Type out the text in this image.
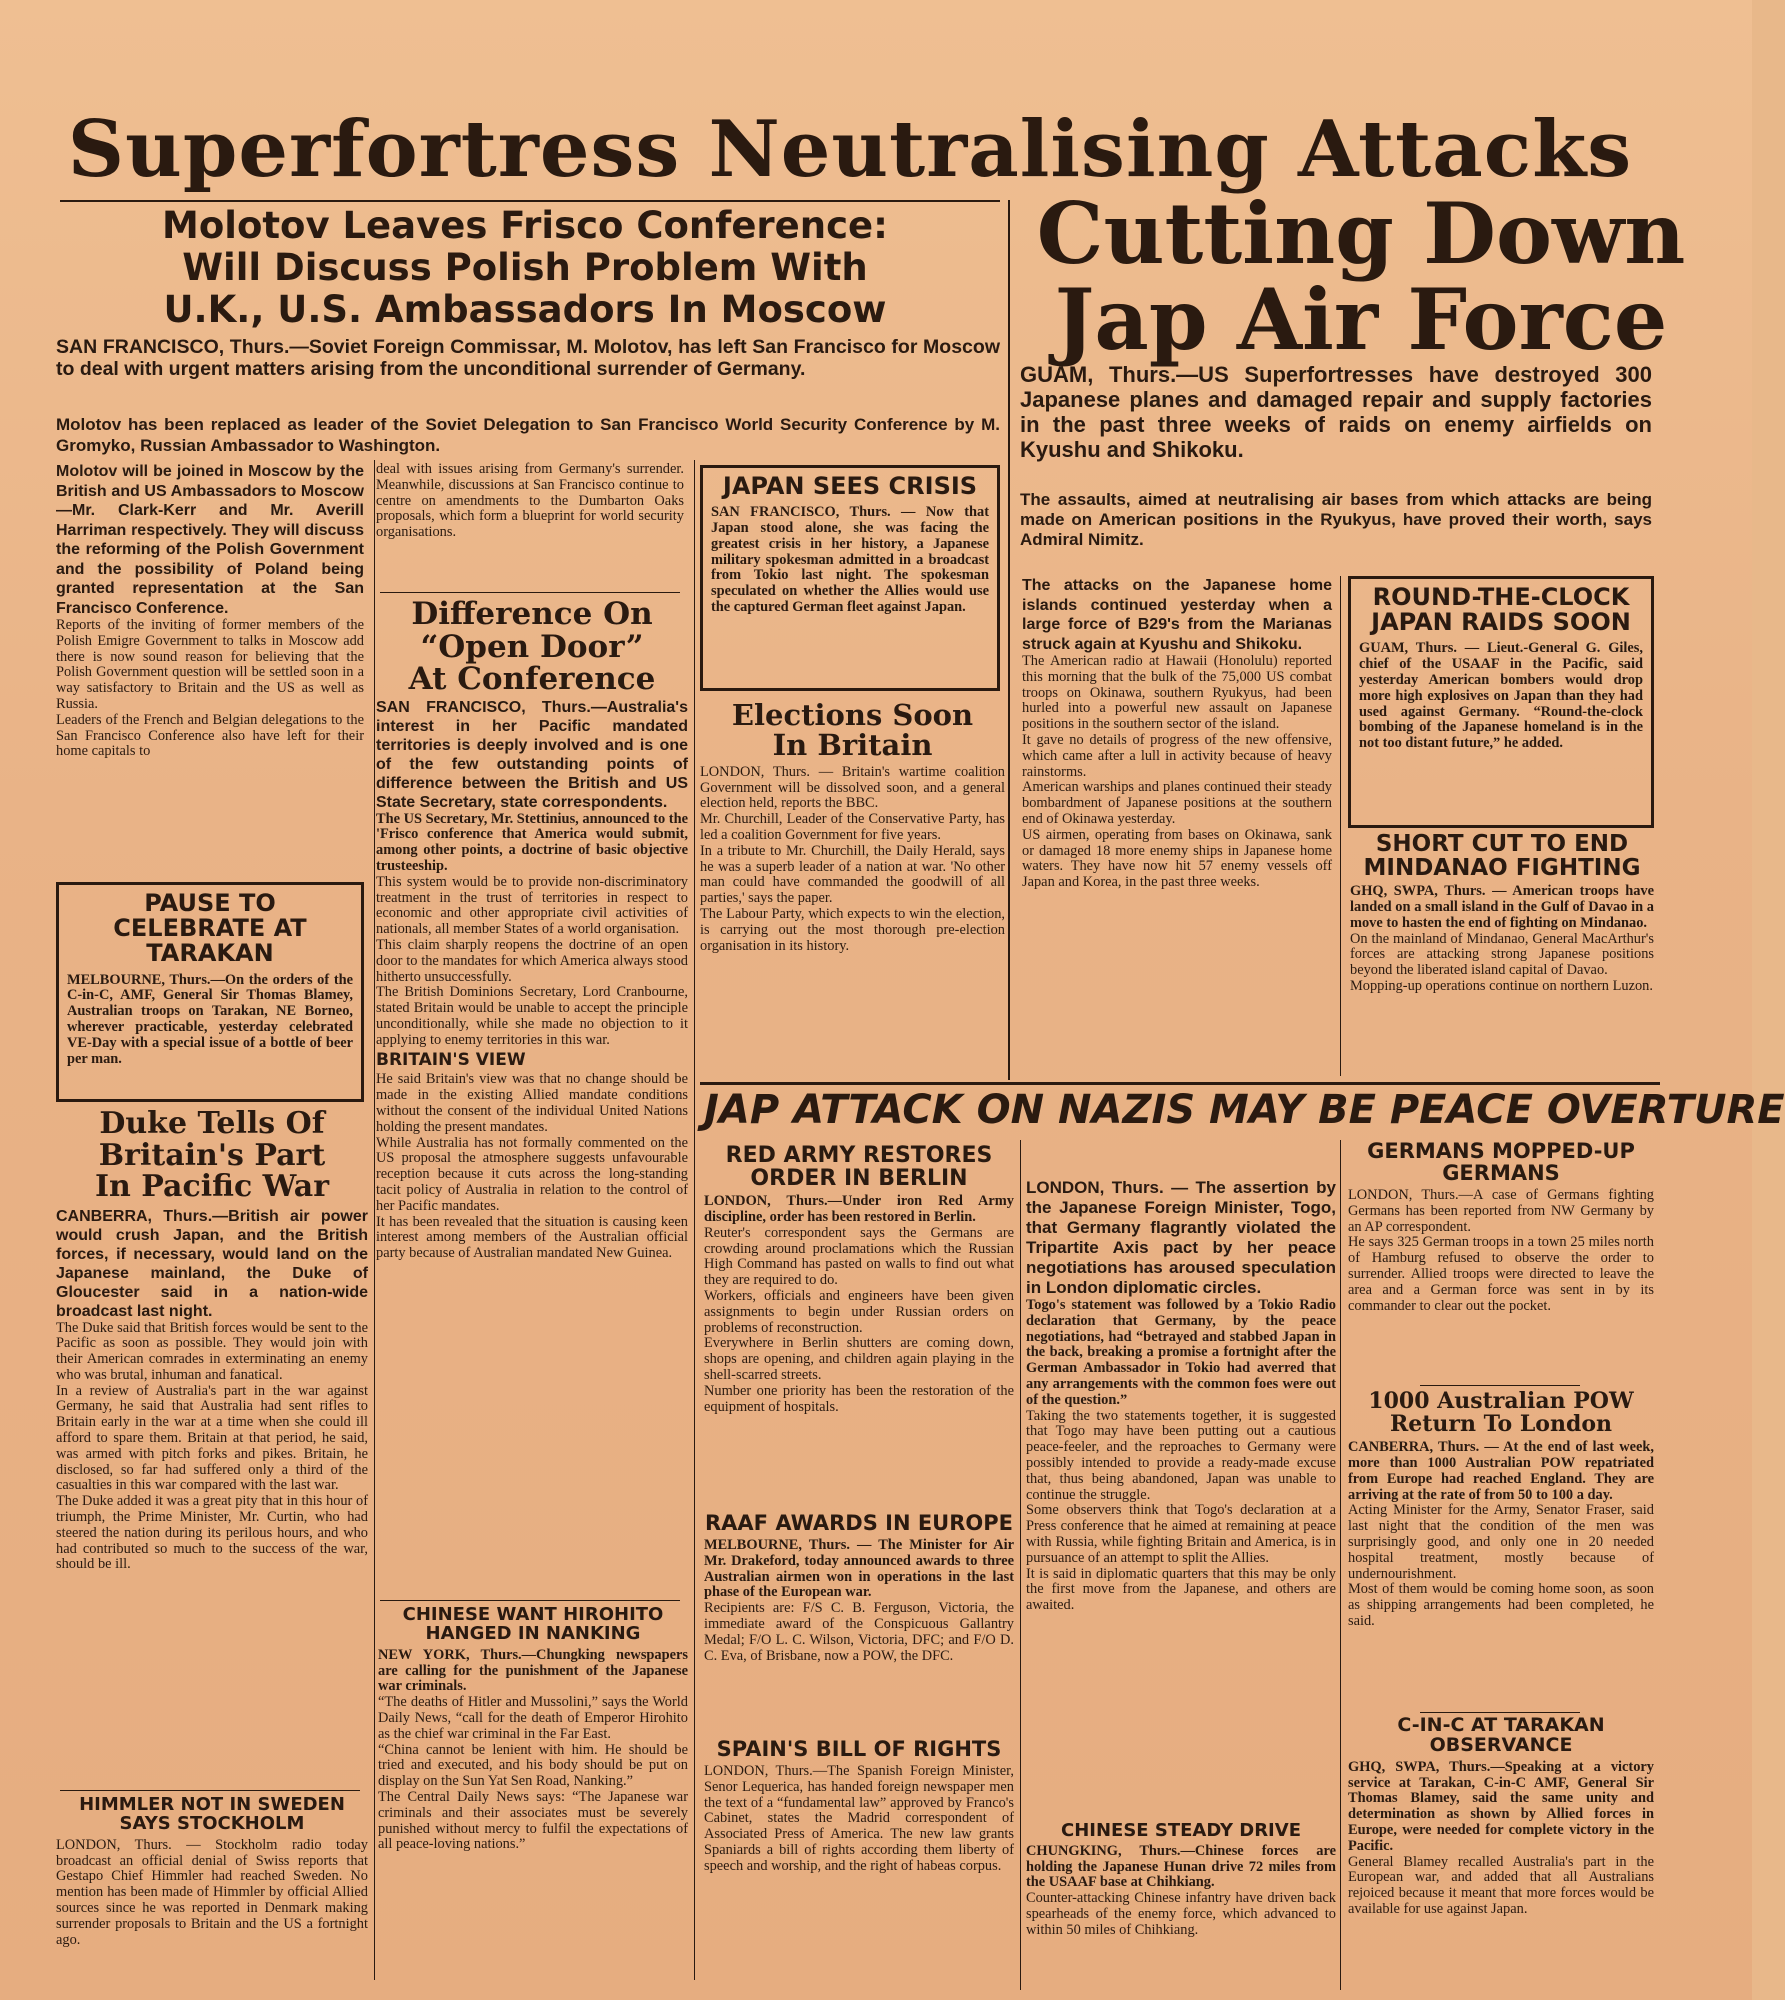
Superfortress Neutralising Attacks
Molotov Leaves Frisco Conference:
Will Discuss Polish Problem With
U.K., U.S. Ambassadors In Moscow
SAN FRANCISCO, Thurs.—Soviet Foreign Commissar, M. Molotov, has left San Francisco for Moscow to deal with urgent matters arising from the unconditional surrender of Germany.
Molotov has been replaced as leader of the Soviet Delegation to San Francisco World Security Conference by M. Gromyko, Russian Ambassador to Washington.

Molotov will be joined in Moscow by the British and US Ambassadors to Moscow—Mr. Clark-Kerr and Mr. Averill Harriman respectively. They will discuss the reforming of the Polish Government and the possibility of Poland being granted representation at the San Francisco Conference.

Reports of the inviting of former members of the Polish Emigre Government to talks in Moscow add there is now sound reason for believing that the Polish Government question will be settled soon in a way satisfactory to Britain and the US as well as Russia.

Leaders of the French and Belgian delegations to the San Francisco Conference also have left for their home capitals to

deal with issues arising from Germany's surrender. Meanwhile, discussions at San Francisco continue to centre on amendments to the Dumbarton Oaks proposals, which form a blueprint for world security organisations.
JAPAN SEES CRISIS
SAN FRANCISCO, Thurs. — Now that Japan stood alone, she was facing the greatest crisis in her history, a Japanese military spokesman admitted in a broadcast from Tokio last night. The spokesman speculated on whether the Allies would use the captured German fleet against Japan.
PAUSE TO CELEBRATE AT TARAKAN
MELBOURNE, Thurs.—On the orders of the C-in-C, AMF, General Sir Thomas Blamey, Australian troops on Tarakan, NE Borneo, wherever practicable, yesterday celebrated VE-Day with a special issue of a bottle of beer per man.
Difference On
“Open Door”
At Conference

SAN FRANCISCO, Thurs.—Australia's interest in her Pacific mandated territories is deeply involved and is one of the few outstanding points of difference between the British and US State Secretary, state correspondents.

The US Secretary, Mr. Stettinius, announced to the 'Frisco conference that America would submit, among other points, a doctrine of basic objective trusteeship.

This system would be to provide non-discriminatory treatment in the trust of territories in respect to economic and other appropriate civil activities of nationals, all member States of a world organisation.

This claim sharply reopens the doctrine of an open door to the mandates for which America always stood hitherto unsuccessfully.

The British Dominions Secretary, Lord Cranbourne, stated Britain would be unable to accept the principle unconditionally, while she made no objection to it applying to enemy territories in this war.

BRITAIN'S VIEW

He said Britain's view was that no change should be made in the existing Allied mandate conditions without the consent of the individual United Nations holding the present mandates.

While Australia has not formally commented on the US proposal the atmosphere suggests unfavourable reception because it cuts across the long-standing tacit policy of Australia in relation to the control of her Pacific mandates.

It has been revealed that the situation is causing keen interest among members of the Australian official party because of Australian mandated New Guinea.

Elections Soon
In Britain

LONDON, Thurs. — Britain's wartime coalition Government will be dissolved soon, and a general election held, reports the BBC.

Mr. Churchill, Leader of the Conservative Party, has led a coalition Government for five years.

In a tribute to Mr. Churchill, the Daily Herald, says he was a superb leader of a nation at war. 'No other man could have commanded the goodwill of all parties,' says the paper.

The Labour Party, which expects to win the election, is carrying out the most thorough pre-election organisation in its history.

Cutting Down
Jap Air Force
GUAM, Thurs.—US Superfortresses have destroyed 300 Japanese planes and damaged repair and supply factories in the past three weeks of raids on enemy airfields on Kyushu and Shikoku.
The assaults, aimed at neutralising air bases from which attacks are being made on American positions in the Ryukyus, have proved their worth, says Admiral Nimitz.

The attacks on the Japanese home islands continued yesterday when a large force of B29's from the Marianas struck again at Kyushu and Shikoku.

The American radio at Hawaii (Honolulu) reported this morning that the bulk of the 75,000 US combat troops on Okinawa, southern Ryukyus, had been hurled into a powerful new assault on Japanese positions in the southern sector of the island.

It gave no details of progress of the new offensive, which came after a lull in activity because of heavy rainstorms.

American warships and planes continued their steady bombardment of Japanese positions at the southern end of Okinawa yesterday.

US airmen, operating from bases on Okinawa, sank or damaged 18 more enemy ships in Japanese home waters. They have now hit 57 enemy vessels off Japan and Korea, in the past three weeks.

ROUND-THE-CLOCK JAPAN RAIDS SOON
GUAM, Thurs. — Lieut.-General G. Giles, chief of the USAAF in the Pacific, said yesterday American bombers would drop more high explosives on Japan than they had used against Germany. “Round-the-clock bombing of the Japanese homeland is in the not too distant future,” he added.
SHORT CUT TO END MINDANAO FIGHTING

GHQ, SWPA, Thurs. — American troops have landed on a small island in the Gulf of Davao in a move to hasten the end of fighting on Mindanao.

On the mainland of Mindanao, General MacArthur's forces are attacking strong Japanese positions beyond the liberated island capital of Davao.

Mopping-up operations continue on northern Luzon.

Duke Tells Of
Britain's Part
In Pacific War

CANBERRA, Thurs.—British air power would crush Japan, and the British forces, if necessary, would land on the Japanese mainland, the Duke of Gloucester said in a nation-wide broadcast last night.

The Duke said that British forces would be sent to the Pacific as soon as possible. They would join with their American comrades in exterminating an enemy who was brutal, inhuman and fanatical.

In a review of Australia's part in the war against Germany, he said that Australia had sent rifles to Britain early in the war at a time when she could ill afford to spare them. Britain at that period, he said, was armed with pitch forks and pikes. Britain, he disclosed, so far had suffered only a third of the casualties in this war compared with the last war.

The Duke added it was a great pity that in this hour of triumph, the Prime Minister, Mr. Curtin, who had steered the nation during its perilous hours, and who had contributed so much to the success of the war, should be ill.

HIMMLER NOT IN SWEDEN SAYS STOCKHOLM

LONDON, Thurs. — Stockholm radio today broadcast an official denial of Swiss reports that Gestapo Chief Himmler had reached Sweden. No mention has been made of Himmler by official Allied sources since he was reported in Denmark making surrender proposals to Britain and the US a fortnight ago.

CHINESE WANT HIROHITO HANGED IN NANKING

NEW YORK, Thurs.—Chungking newspapers are calling for the punishment of the Japanese war criminals.

“The deaths of Hitler and Mussolini,” says the World Daily News, “call for the death of Emperor Hirohito as the chief war criminal in the Far East.

“China cannot be lenient with him. He should be tried and executed, and his body should be put on display on the Sun Yat Sen Road, Nanking.”

The Central Daily News says: “The Japanese war criminals and their associates must be severely punished without mercy to fulfil the expectations of all peace-loving nations.”

JAP ATTACK ON NAZIS MAY BE PEACE OVERTURE
RED ARMY RESTORES ORDER IN BERLIN

LONDON, Thurs.—Under iron Red Army discipline, order has been restored in Berlin.

Reuter's correspondent says the Germans are crowding around proclamations which the Russian High Command has pasted on walls to find out what they are required to do.

Workers, officials and engineers have been given assignments to begin under Russian orders on problems of reconstruction.

Everywhere in Berlin shutters are coming down, shops are opening, and children again playing in the shell-scarred streets.

Number one priority has been the restoration of the equipment of hospitals.

RAAF AWARDS IN EUROPE

MELBOURNE, Thurs. — The Minister for Air Mr. Drakeford, today announced awards to three Australian airmen won in operations in the last phase of the European war.

Recipients are: F/S C. B. Ferguson, Victoria, the immediate award of the Conspicuous Gallantry Medal; F/O L. C. Wilson, Victoria, DFC; and F/O D. C. Eva, of Brisbane, now a POW, the DFC.

SPAIN'S BILL OF RIGHTS

LONDON, Thurs.—The Spanish Foreign Minister, Senor Lequerica, has handed foreign newspaper men the text of a “fundamental law” approved by Franco's Cabinet, states the Madrid correspondent of Associated Press of America. The new law grants Spaniards a bill of rights according them liberty of speech and worship, and the right of habeas corpus.

LONDON, Thurs. — The assertion by the Japanese Foreign Minister, Togo, that Germany flagrantly violated the Tripartite Axis pact by her peace negotiations has aroused speculation in London diplomatic circles.

Togo's statement was followed by a Tokio Radio declaration that Germany, by the peace negotiations, had “betrayed and stabbed Japan in the back, breaking a promise a fortnight after the German Ambassador in Tokio had averred that any arrangements with the common foes were out of the question.”

Taking the two statements together, it is suggested that Togo may have been putting out a cautious peace-feeler, and the reproaches to Germany were possibly intended to provide a ready-made excuse that, thus being abandoned, Japan was unable to continue the struggle.

Some observers think that Togo's declaration at a Press conference that he aimed at remaining at peace with Russia, while fighting Britain and America, is in pursuance of an attempt to split the Allies.

It is said in diplomatic quarters that this may be only the first move from the Japanese, and others are awaited.

CHINESE STEADY DRIVE

CHUNGKING, Thurs.—Chinese forces are holding the Japanese Hunan drive 72 miles from the USAAF base at Chihkiang.

Counter-attacking Chinese infantry have driven back spearheads of the enemy force, which advanced to within 50 miles of Chihkiang.

GERMANS MOPPED-UP GERMANS

LONDON, Thurs.—A case of Germans fighting Germans has been reported from NW Germany by an AP correspondent.

He says 325 German troops in a town 25 miles north of Hamburg refused to observe the order to surrender. Allied troops were directed to leave the area and a German force was sent in by its commander to clear out the pocket.

1000 Australian POW Return To London

CANBERRA, Thurs. — At the end of last week, more than 1000 Australian POW repatriated from Europe had reached England. They are arriving at the rate of from 50 to 100 a day.

Acting Minister for the Army, Senator Fraser, said last night that the condition of the men was surprisingly good, and only one in 20 needed hospital treatment, mostly because of undernourishment.

Most of them would be coming home soon, as soon as shipping arrangements had been completed, he said.

C-IN-C AT TARAKAN OBSERVANCE

GHQ, SWPA, Thurs.—Speaking at a victory service at Tarakan, C-in-C AMF, General Sir Thomas Blamey, said the same unity and determination as shown by Allied forces in Europe, were needed for complete victory in the Pacific.

General Blamey recalled Australia's part in the European war, and added that all Australians rejoiced because it meant that more forces would be available for use against Japan.
